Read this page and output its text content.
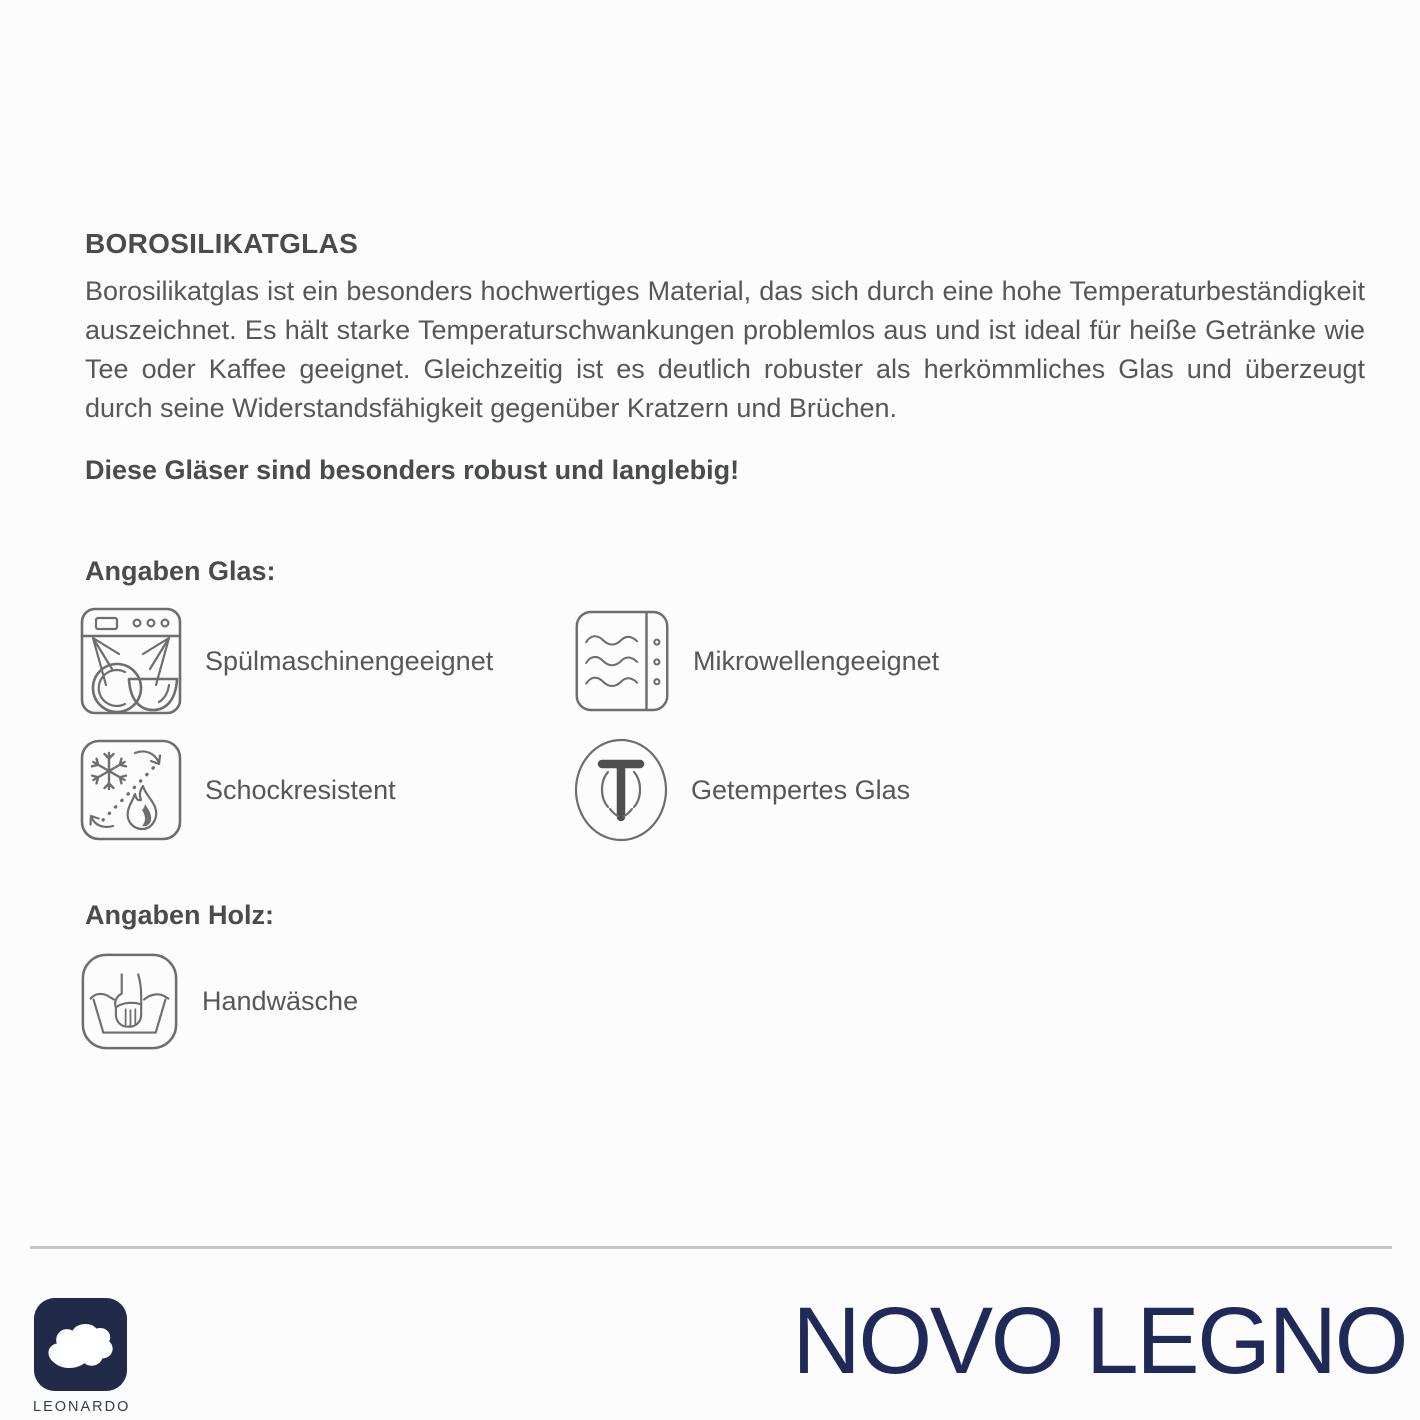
BOROSILIKATGLAS

Borosilikatglas ist ein besonders hochwertiges Material, das sich durch eine hohe Temperaturbeständigkeit auszeichnet. Es hält starke Temperaturschwankungen problemlos aus und ist ideal für heiße Getränke wie Tee oder Kaffee geeignet. Gleichzeitig ist es deutlich robuster als herkömmliches Glas und überzeugt durch seine Widerstandsfähigkeit gegenüber Kratzern und Brüchen.

Diese Gläser sind besonders robust und langlebig!

Angaben Glas:
Spülmaschinengeeignet	Mikrowellengeeignet
Schockresistent	Getempertes Glas
Angaben Holz:
Handwäsche
LEONARDO
NOVO LEGNO
